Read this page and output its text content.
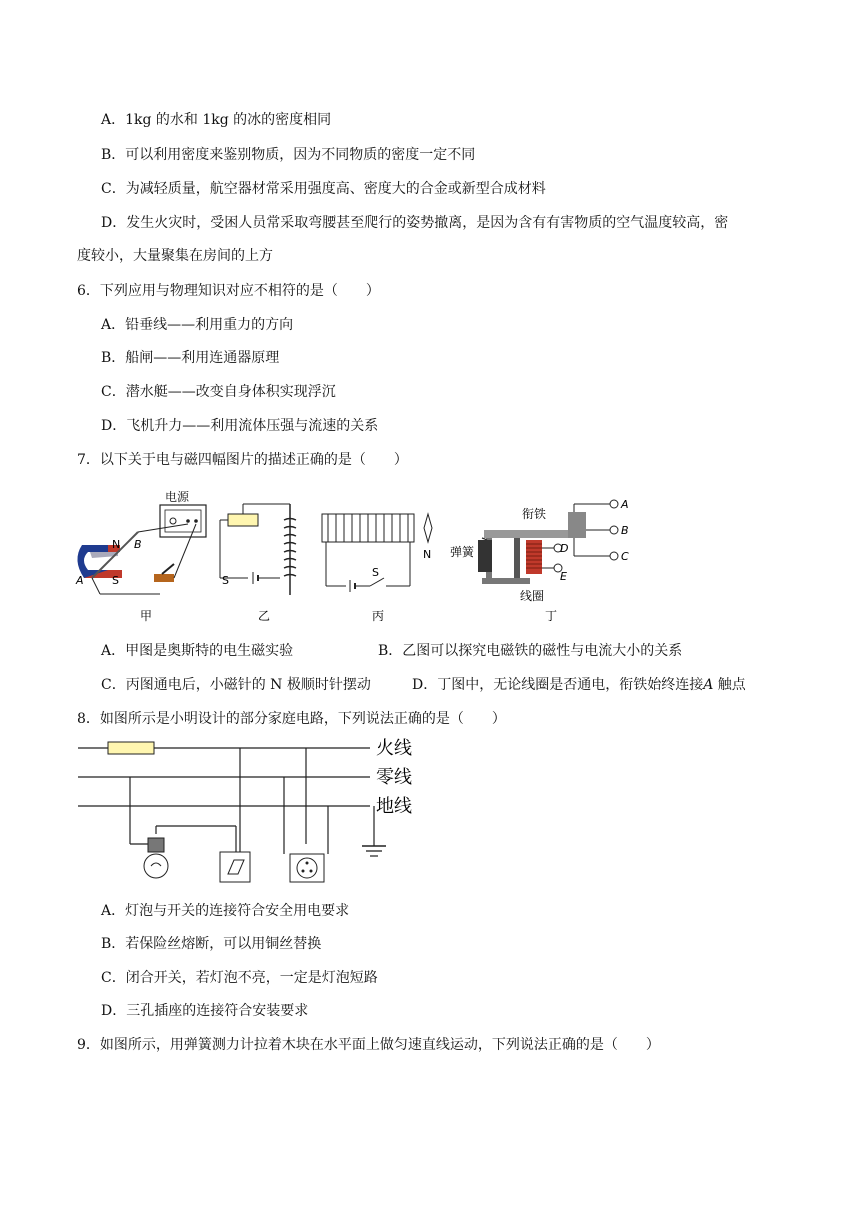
A．1kg 的水和 1kg 的冰的密度相同
B．可以利用密度来鉴别物质，因为不同物质的密度一定不同
C．为减轻质量，航空器材常采用强度高、密度大的合金或新型合成材料
D．发生火灾时，受困人员常采取弯腰甚至爬行的姿势撤离，是因为含有有害物质的空气温度较高，密
度较小，大量聚集在房间的上方
6．下列应用与物理知识对应不相符的是（　　）
A．铅垂线——利用重力的方向
B．船闸——利用连通器原理
C．潜水艇——改变自身体积实现浮沉
D．飞机升力——利用流体压强与流速的关系
7．以下关于电与磁四幅图片的描述正确的是（　　）
电源
N
S
A
B
甲
S
乙
S
N
丙
衔铁
弹簧
线圈
A
B
C
D
E
丁
A．甲图是奥斯特的电生磁实验	B．乙图可以探究电磁铁的磁性与电流大小的关系
C．丙图通电后，小磁针的 N 极顺时针摆动	D．丁图中，无论线圈是否通电，衔铁始终连接A 触点
8．如图所示是小明设计的部分家庭电路，下列说法正确的是（　　）
火线
零线
地线
A．灯泡与开关的连接符合安全用电要求
B．若保险丝熔断，可以用铜丝替换
C．闭合开关，若灯泡不亮，一定是灯泡短路
D．三孔插座的连接符合安装要求
9．如图所示，用弹簧测力计拉着木块在水平面上做匀速直线运动，下列说法正确的是（　　）
